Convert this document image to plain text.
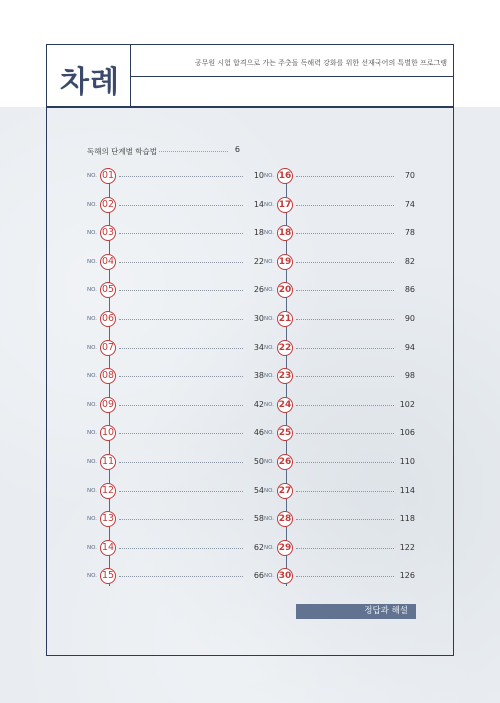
차례
공무원 시험 합격으로 가는 주춧돌 독해력 강화를 위한 선재국어의 특별한 프로그램
독해의 단계별 학습법	6
NO. 01	10
NO. 02	14
NO. 03	18
NO. 04	22
NO. 05	26
NO. 06	30
NO. 07	34
NO. 08	38
NO. 09	42
NO. 10	46
NO. 11	50
NO. 12	54
NO. 13	58
NO. 14	62
NO. 15	66
NO. 16	70
NO. 17	74
NO. 18	78
NO. 19	82
NO. 20	86
NO. 21	90
NO. 22	94
NO. 23	98
NO. 24	102
NO. 25	106
NO. 26	110
NO. 27	114
NO. 28	118
NO. 29	122
NO. 30	126
정답과 해설
